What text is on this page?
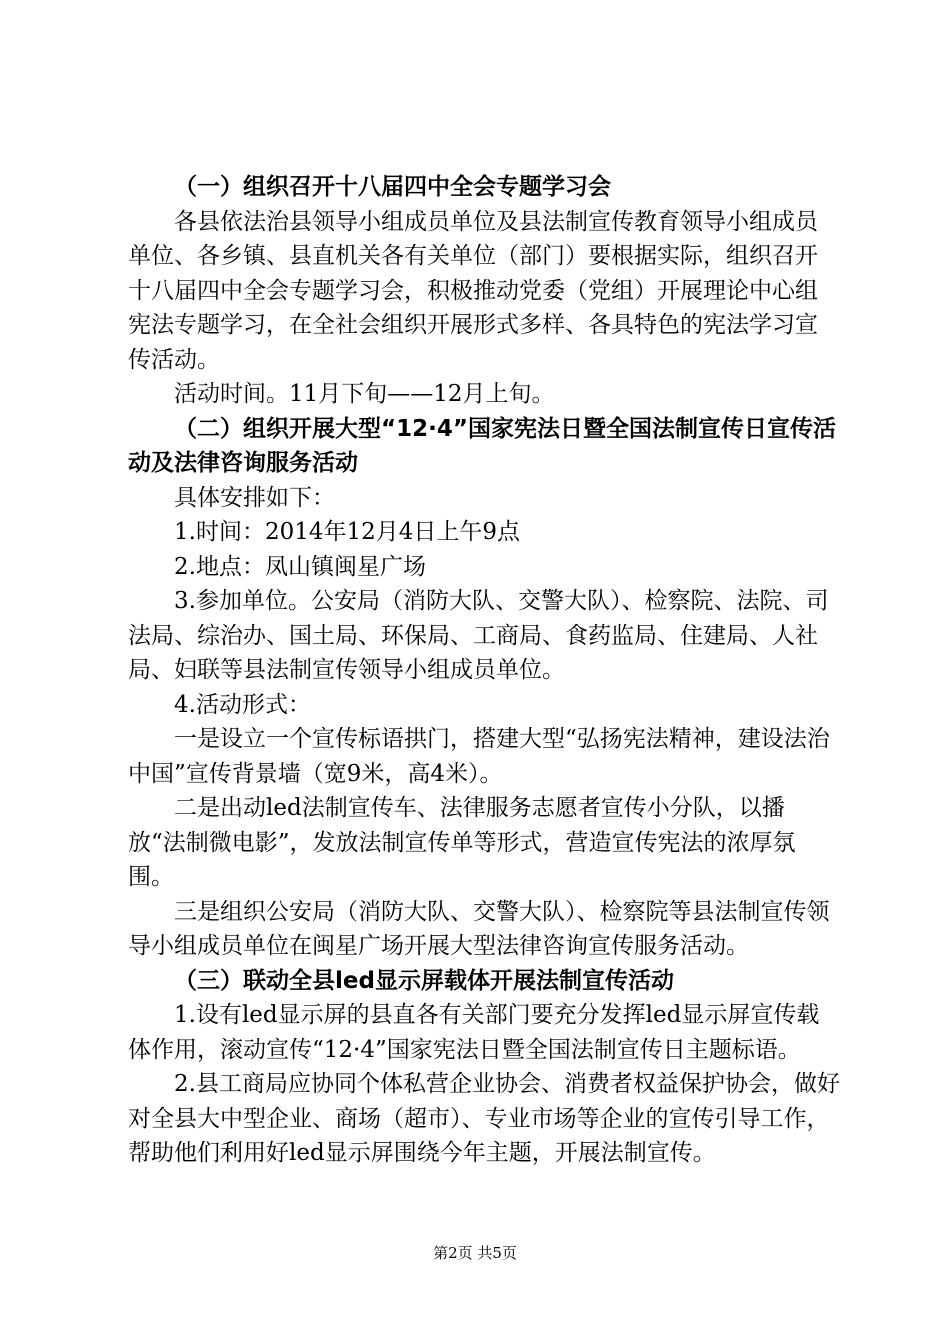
（一）组织召开十八届四中全会专题学习会

各县依法治县领导小组成员单位及县法制宣传教育领导小组成员单位、各乡镇、县直机关各有关单位（部门）要根据实际，组织召开十八届四中全会专题学习会，积极推动党委（党组）开展理论中心组宪法专题学习，在全社会组织开展形式多样、各具特色的宪法学习宣传活动。

活动时间。11月下旬——12月上旬。

（二）组织开展大型“12·4”国家宪法日暨全国法制宣传日宣传活动及法律咨询服务活动

具体安排如下：

1.时间：2014年12月4日上午9点

2.地点：凤山镇闽星广场

3.参加单位。公安局（消防大队、交警大队）、检察院、法院、司法局、综治办、国土局、环保局、工商局、食药监局、住建局、人社局、妇联等县法制宣传领导小组成员单位。

4.活动形式：

一是设立一个宣传标语拱门，搭建大型“弘扬宪法精神，建设法治中国”宣传背景墙（宽9米，高4米）。

二是出动led法制宣传车、法律服务志愿者宣传小分队，以播放“法制微电影”，发放法制宣传单等形式，营造宣传宪法的浓厚氛围。

三是组织公安局（消防大队、交警大队）、检察院等县法制宣传领导小组成员单位在闽星广场开展大型法律咨询宣传服务活动。

（三）联动全县led显示屏载体开展法制宣传活动

1.设有led显示屏的县直各有关部门要充分发挥led显示屏宣传载体作用，滚动宣传“12·4”国家宪法日暨全国法制宣传日主题标语。

2.县工商局应协同个体私营企业协会、消费者权益保护协会，做好对全县大中型企业、商场（超市）、专业市场等企业的宣传引导工作，帮助他们利用好led显示屏围绕今年主题，开展法制宣传。

第2页 共5页
